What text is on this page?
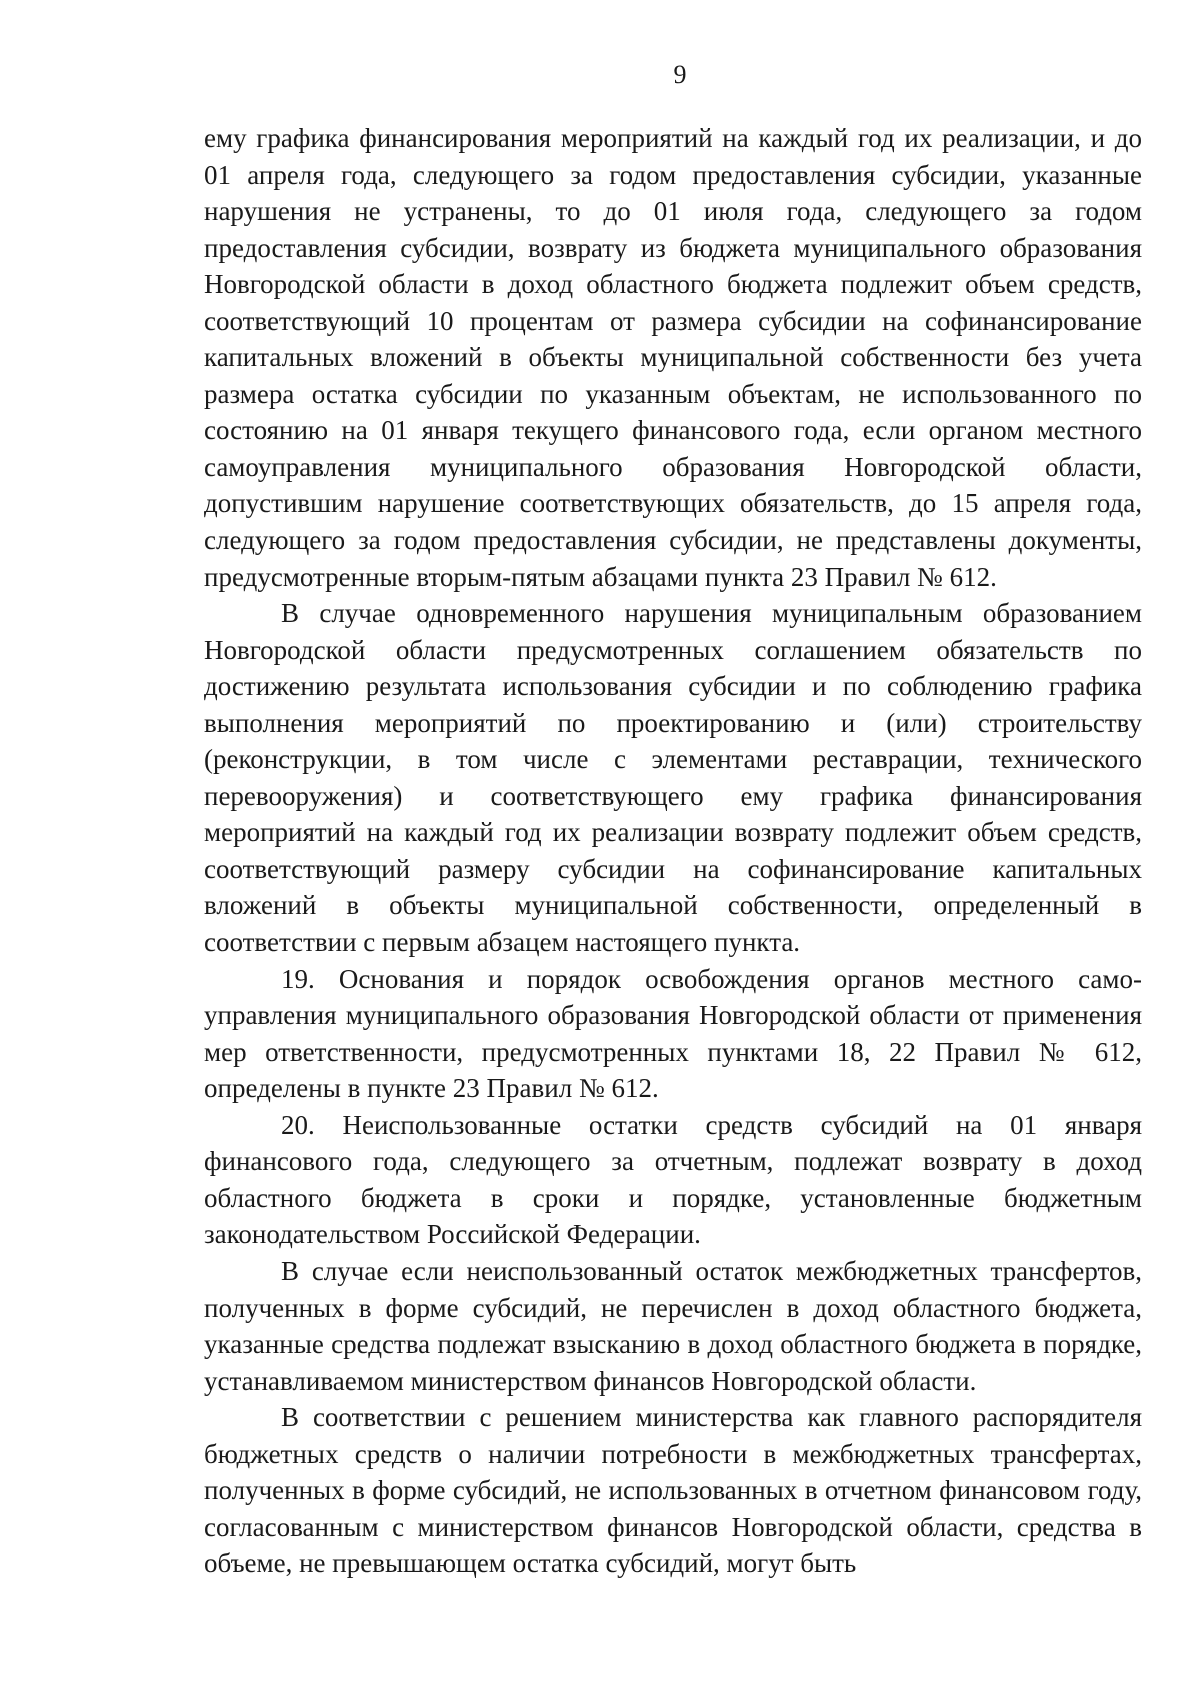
9

ему графика финансирования мероприятий на каждый год их реализации, и до 01 апреля года, следующего за годом предоставления субсидии, указанные нарушения не устранены, то до 01 июля года, следующего за годом предоставления субсидии, возврату из бюджета муниципального образования Новгородской области в доход областного бюджета подлежит объем средств, соответствующий 10 процентам от размера субсидии на софинансирование капитальных вложений в объекты муниципальной собственности без учета размера остатка субсидии по указанным объектам, не использованного по состоянию на 01 января текущего финансового года, если органом местного самоуправления муниципального образования Новгородской области, допустившим нарушение соответствующих обязательств, до 15 апреля года, следующего за годом предоставления субсидии, не представлены документы, предусмотренные вторым-пятым абзацами пункта 23 Правил № 612.

В случае одновременного нарушения муниципальным образованием Новгородской области предусмотренных соглашением обязательств по достижению результата использования субсидии и по соблюдению графика выполнения мероприятий по проектированию и (или) строительству (реконструкции, в том числе с элементами реставрации, технического перевооружения) и соответствующего ему графика финансирования мероприятий на каждый год их реализации возврату подлежит объем средств, соответствующий размеру субсидии на софинансирование капитальных вложений в объекты муниципальной собственности, определенный в соответствии с первым абзацем настоящего пункта.

19. Основания и порядок освобождения органов местного самоуправления муниципального образования Новгородской области от применения мер ответственности, предусмотренных пунктами 18, 22 Правил № 612, определены в пункте 23 Правил № 612.

20. Неиспользованные остатки средств субсидий на 01 января финансового года, следующего за отчетным, подлежат возврату в доход областного бюджета в сроки и порядке, установленные бюджетным законодательством Российской Федерации.

В случае если неиспользованный остаток межбюджетных трансфертов, полученных в форме субсидий, не перечислен в доход областного бюджета, указанные средства подлежат взысканию в доход областного бюджета в порядке, устанавливаемом министерством финансов Новгородской области.

В соответствии с решением министерства как главного распорядителя бюджетных средств о наличии потребности в межбюджетных трансфертах, полученных в форме субсидий, не использованных в отчетном финансовом году, согласованным с министерством финансов Новгородской области, средства в объеме, не превышающем остатка субсидий, могут быть
